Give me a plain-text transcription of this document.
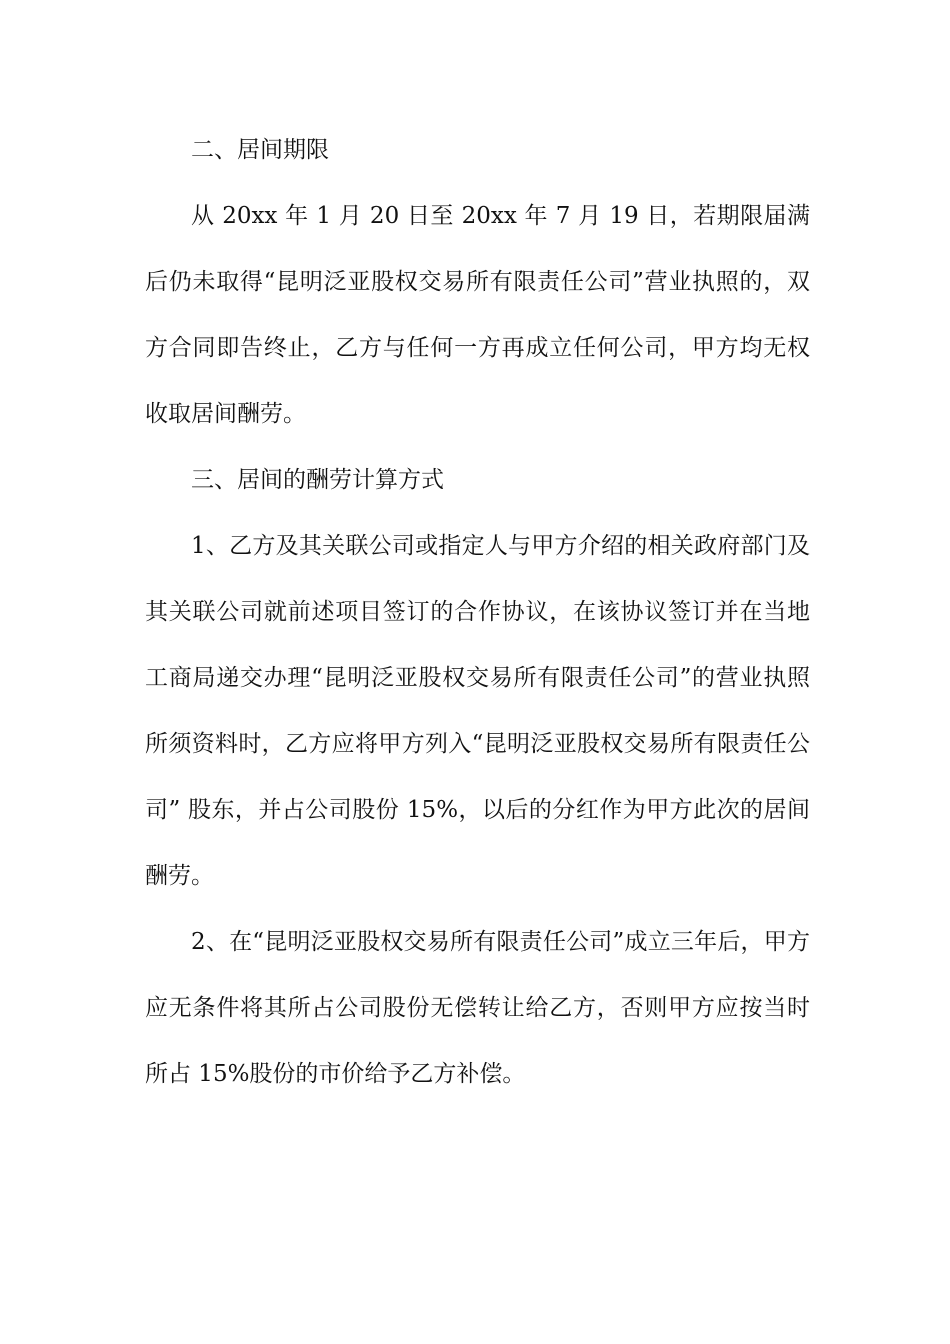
二、居间期限

从 20xx 年 1 月 20 日至 20xx 年 7 月 19 日，若期限届满后仍未取得“昆明泛亚股权交易所有限责任公司”营业执照的，双方合同即告终止，乙方与任何一方再成立任何公司，甲方均无权收取居间酬劳。

三、居间的酬劳计算方式

1、乙方及其关联公司或指定人与甲方介绍的相关政府部门及其关联公司就前述项目签订的合作协议，在该协议签订并在当地工商局递交办理“昆明泛亚股权交易所有限责任公司”的营业执照所须资料时，乙方应将甲方列入“昆明泛亚股权交易所有限责任公司” 股东，并占公司股份 15%，以后的分红作为甲方此次的居间酬劳。

2、在“昆明泛亚股权交易所有限责任公司”成立三年后，甲方应无条件将其所占公司股份无偿转让给乙方，否则甲方应按当时所占 15%股份的市价给予乙方补偿。
